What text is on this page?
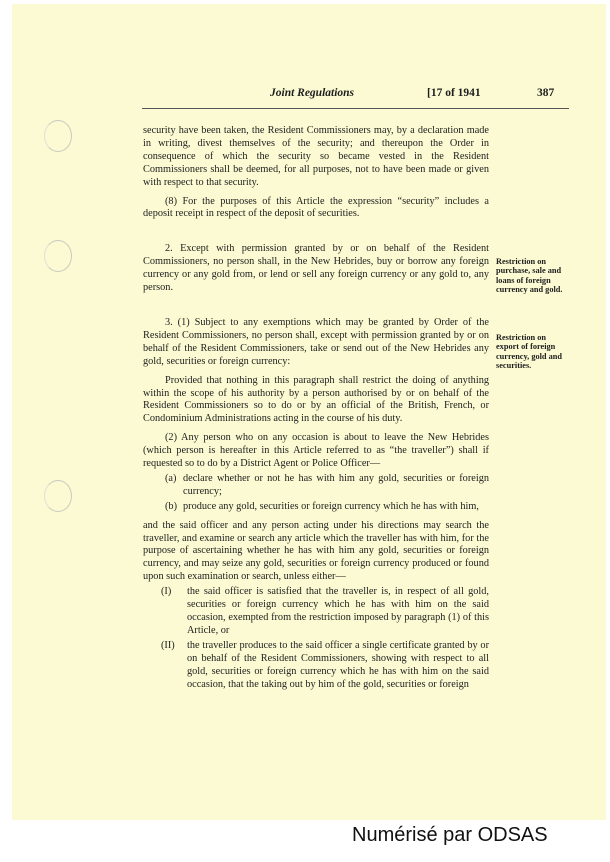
Joint Regulations	[17 of 1941	387

security have been taken, the Resident Commissioners may, by a declaration made in writing, divest themselves of the security; and thereupon the Order in consequence of which the security so became vested in the Resident Commissioners shall be deemed, for all purposes, not to have been made or given with respect to that security.

(8) For the purposes of this Article the expression “security” includes a deposit receipt in respect of the deposit of securities.

2. Except with permission granted by or on behalf of the Resident Commissioners, no person shall, in the New Hebrides, buy or borrow any foreign currency or any gold from, or lend or sell any foreign currency or any gold to, any person.

3. (1) Subject to any exemptions which may be granted by Order of the Resident Commissioners, no person shall, except with permission granted by or on behalf of the Resident Commissioners, take or send out of the New Hebrides any gold, securities or foreign currency:

Provided that nothing in this paragraph shall restrict the doing of anything within the scope of his authority by a person authorised by or on behalf of the Resident Commissioners so to do or by an official of the British, French, or Condominium Administrations acting in the course of his duty.

(2) Any person who on any occasion is about to leave the New Hebrides (which person is hereafter in this Article referred to as “the traveller”) shall if requested so to do by a District Agent or Police Officer—

(a) declare whether or not he has with him any gold, securities or foreign currency;
(b) produce any gold, securities or foreign currency which he has with him,

and the said officer and any person acting under his directions may search the traveller, and examine or search any article which the traveller has with him, for the purpose of ascertaining whether he has with him any gold, securities or foreign currency, and may seize any gold, securities or foreign currency produced or found upon such examination or search, unless either—

(I) the said officer is satisfied that the traveller is, in respect of all gold, securities or foreign currency which he has with him on the said occasion, exempted from the restriction imposed by paragraph (1) of this Article, or
(II) the traveller produces to the said officer a single certificate granted by or on behalf of the Resident Commissioners, showing with respect to all gold, securities or foreign currency which he has with him on the said occasion, that the taking out by him of the gold, securities or foreign
Restriction on purchase, sale and loans of foreign currency and gold.
Restriction on export of foreign currency, gold and securities.
Numérisé par ODSAS
